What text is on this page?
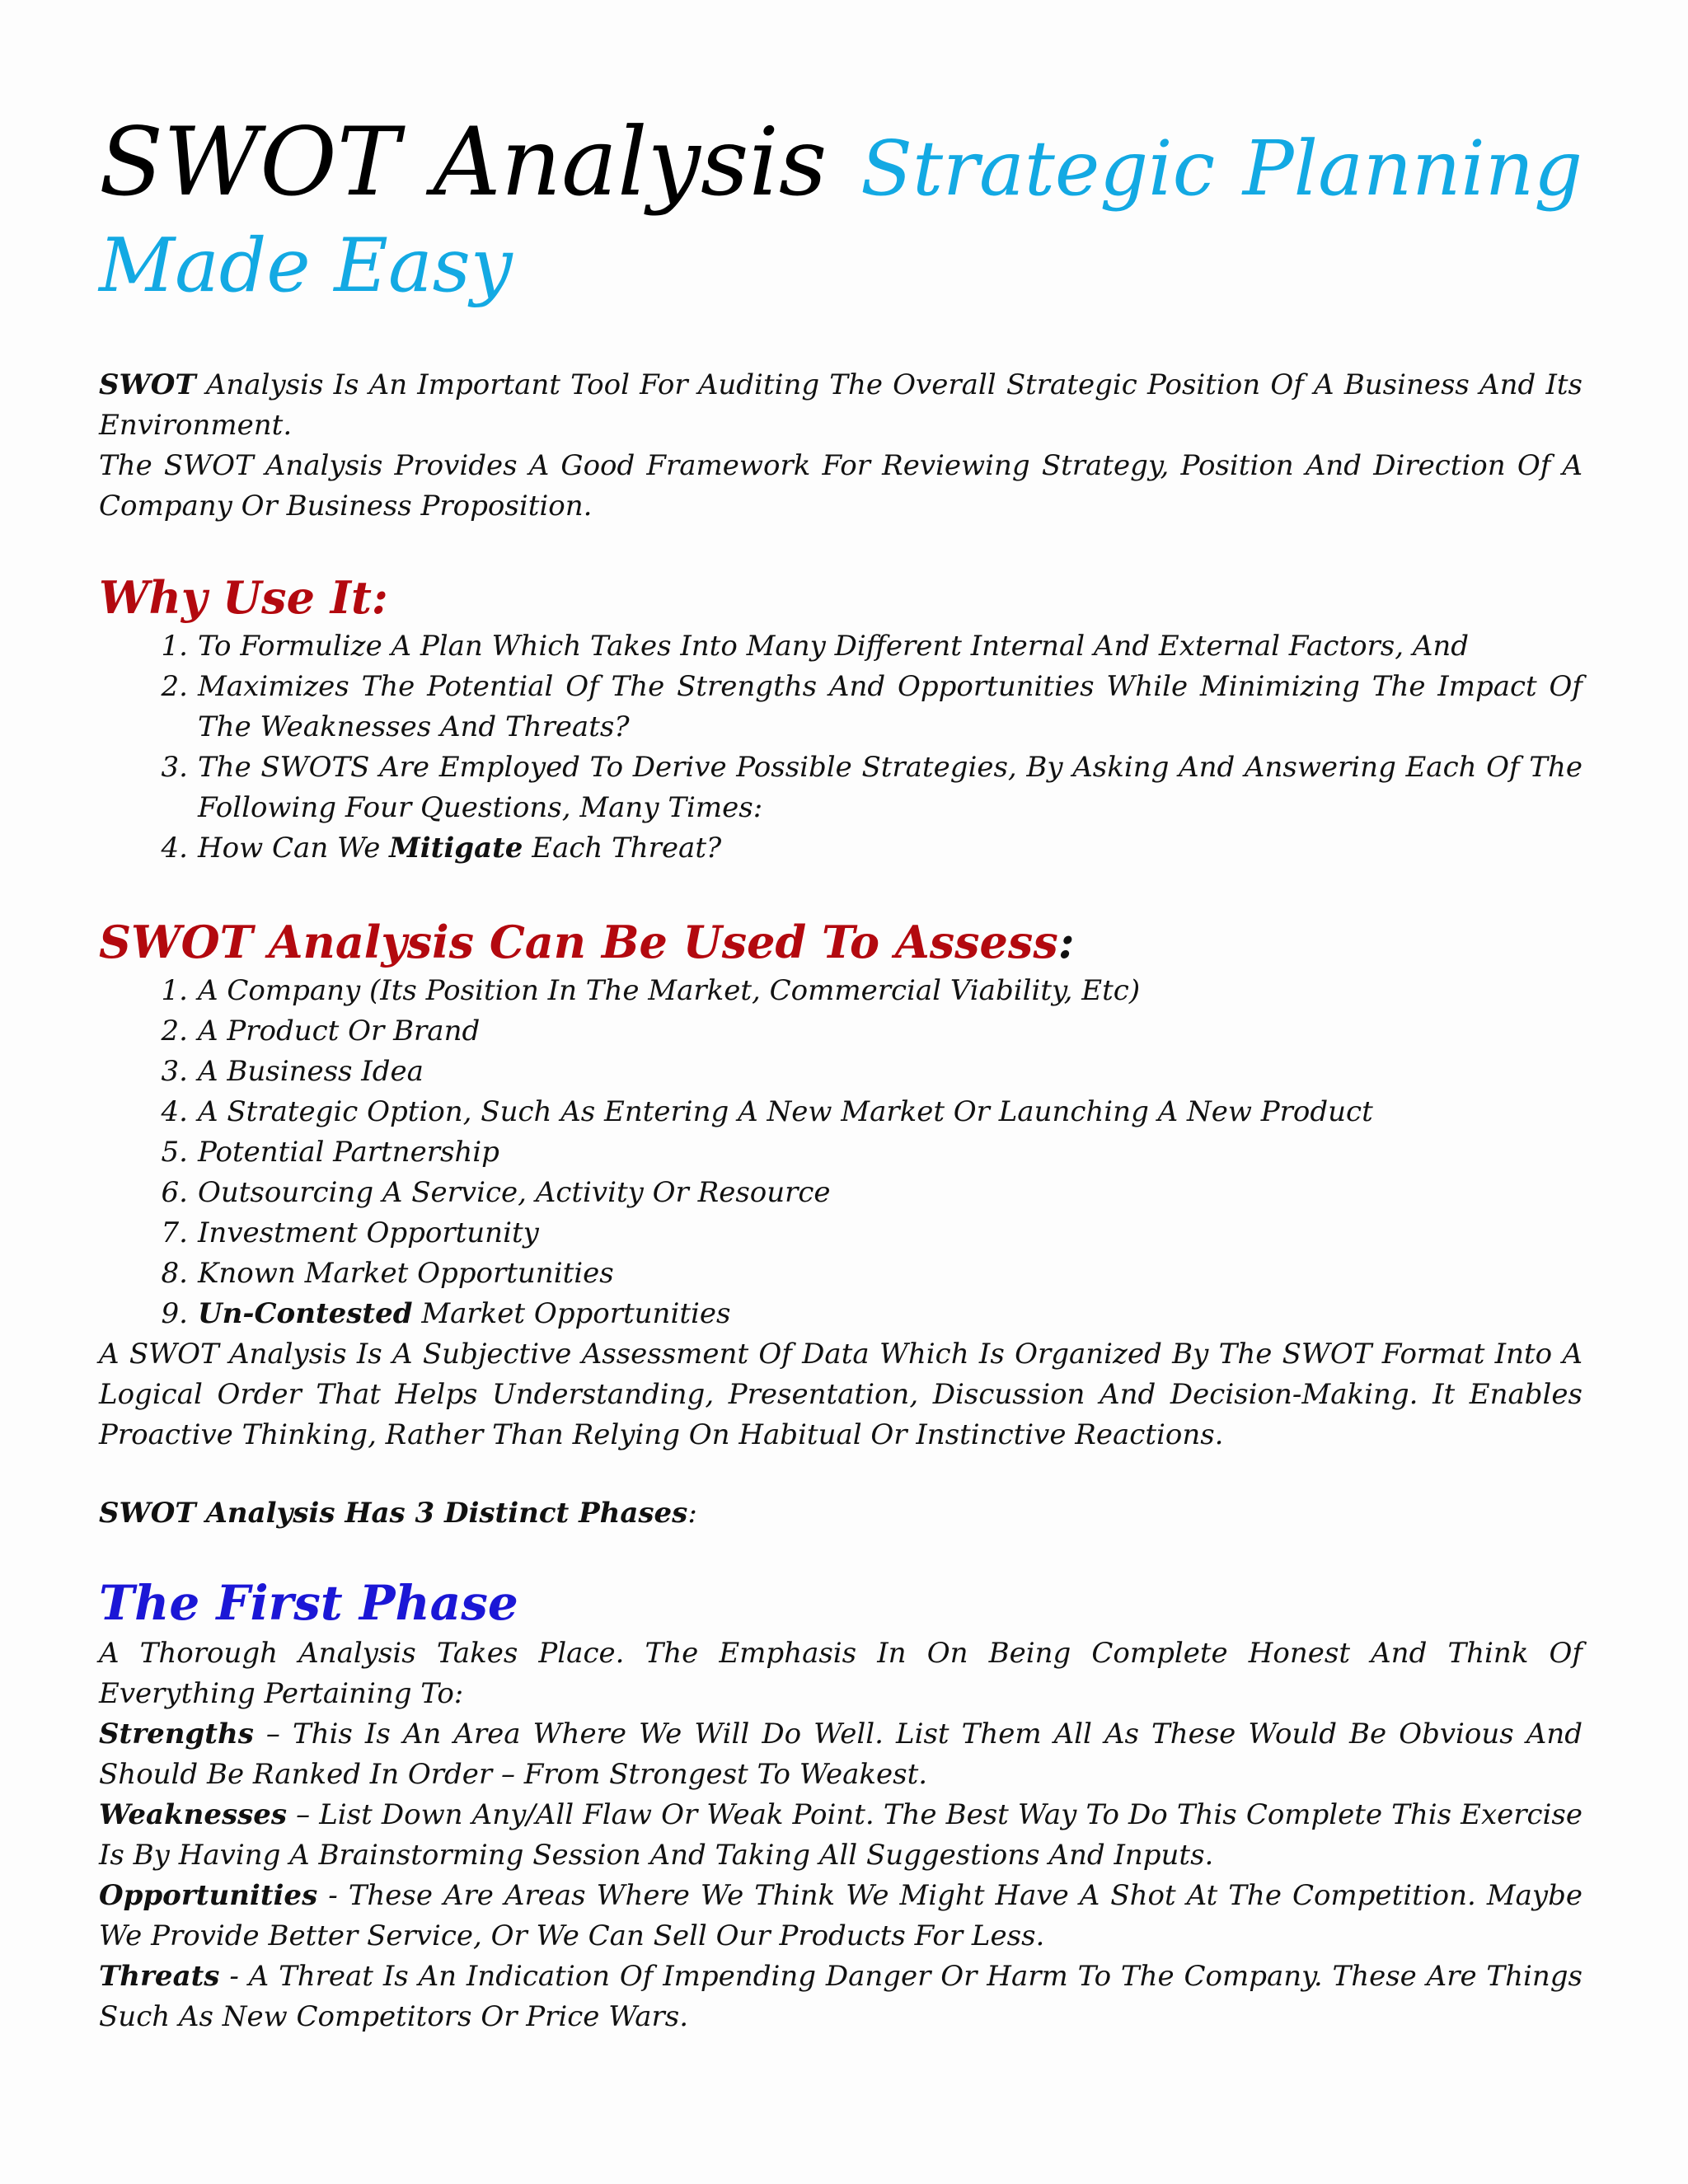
SWOT Analysis Strategic Planning
Made Easy

SWOT Analysis Is An Important Tool For Auditing The Overall Strategic Position Of A Business And Its Environment.

The SWOT Analysis Provides A Good Framework For Reviewing Strategy, Position And Direction Of A Company Or Business Proposition.

Why Use It:
1. To Formulize A Plan Which Takes Into Many Different Internal And External Factors, And
2. Maximizes The Potential Of The Strengths And Opportunities While Minimizing The Impact Of The Weaknesses And Threats?
3. The SWOTS Are Employed To Derive Possible Strategies, By Asking And Answering Each Of The Following Four Questions, Many Times:
4. How Can We Mitigate Each Threat?
SWOT Analysis Can Be Used To Assess:
1. A Company (Its Position In The Market, Commercial Viability, Etc)
2. A Product Or Brand
3. A Business Idea
4. A Strategic Option, Such As Entering A New Market Or Launching A New Product
5. Potential Partnership
6. Outsourcing A Service, Activity Or Resource
7. Investment Opportunity
8. Known Market Opportunities
9. Un-Contested Market Opportunities

A SWOT Analysis Is A Subjective Assessment Of Data Which Is Organized By The SWOT Format Into A Logical Order That Helps Understanding, Presentation, Discussion And Decision-Making. It Enables Proactive Thinking, Rather Than Relying On Habitual Or Instinctive Reactions.

SWOT Analysis Has 3 Distinct Phases:

The First Phase

A Thorough Analysis Takes Place. The Emphasis In On Being Complete Honest And Think Of Everything Pertaining To:

Strengths – This Is An Area Where We Will Do Well. List Them All As These Would Be Obvious And Should Be Ranked In Order – From Strongest To Weakest.

Weaknesses – List Down Any/All Flaw Or Weak Point. The Best Way To Do This Complete This Exercise Is By Having A Brainstorming Session And Taking All Suggestions And Inputs.

Opportunities - These Are Areas Where We Think We Might Have A Shot At The Competition. Maybe We Provide Better Service, Or We Can Sell Our Products For Less.

Threats - A Threat Is An Indication Of Impending Danger Or Harm To The Company. These Are Things Such As New Competitors Or Price Wars.
